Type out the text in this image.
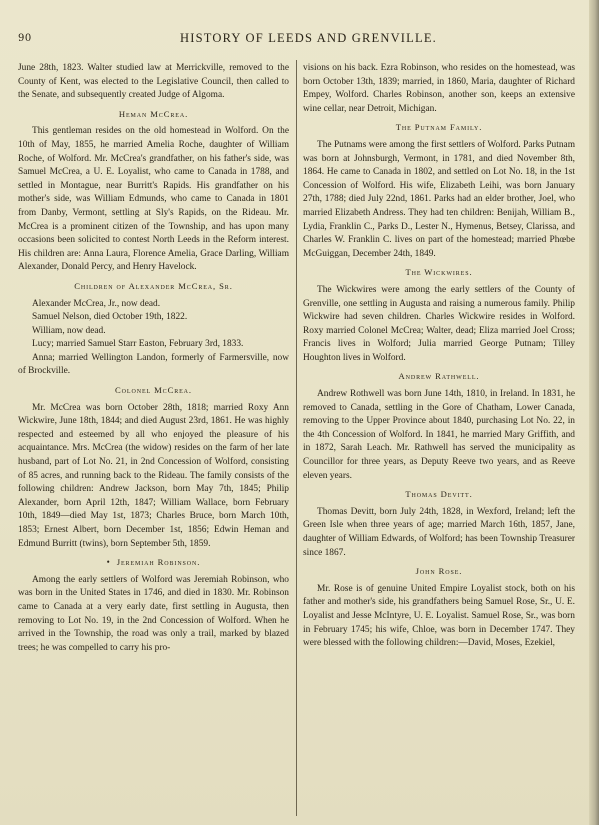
90	HISTORY OF LEEDS AND GRENVILLE.

June 28th, 1823. Walter studied law at Merrickville, removed to the County of Kent, was elected to the Legislative Council, then called to the Senate, and subsequently created Judge of Algoma.

Heman McCrea.

This gentleman resides on the old homestead in Wolford. On the 10th of May, 1855, he married Amelia Roche, daughter of William Roche, of Wolford. Mr. McCrea's grandfather, on his father's side, was Samuel McCrea, a U. E. Loyalist, who came to Canada in 1788, and settled in Montague, near Burritt's Rapids. His grandfather on his mother's side, was William Edmunds, who came to Canada in 1801 from Danby, Vermont, settling at Sly's Rapids, on the Rideau. Mr. McCrea is a prominent citizen of the Township, and has upon many occasions been solicited to contest North Leeds in the Reform interest. His children are: Anna Laura, Florence Amelia, Grace Darling, William Alexander, Donald Percy, and Henry Havelock.

Children of Alexander McCrea, Sr.

Alexander McCrea, Jr., now dead.

Samuel Nelson, died October 19th, 1822.

William, now dead.

Lucy; married Samuel Starr Easton, February 3rd, 1833.

Anna; married Wellington Landon, formerly of Farmersville, now of Brockville.

Colonel McCrea.

Mr. McCrea was born October 28th, 1818; married Roxy Ann Wickwire, June 18th, 1844; and died August 23rd, 1861. He was highly respected and esteemed by all who enjoyed the pleasure of his acquaintance. Mrs. McCrea (the widow) resides on the farm of her late husband, part of Lot No. 21, in 2nd Concession of Wolford, consisting of 85 acres, and running back to the Rideau. The family consists of the following children: Andrew Jackson, born May 7th, 1845; Philip Alexander, born April 12th, 1847; William Wallace, born February 10th, 1849—died May 1st, 1873; Charles Bruce, born March 10th, 1853; Ernest Albert, born December 1st, 1856; Edwin Heman and Edmund Burritt (twins), born September 5th, 1859.

• Jeremiah Robinson.

Among the early settlers of Wolford was Jeremiah Robinson, who was born in the United States in 1746, and died in 1830. Mr. Robinson came to Canada at a very early date, first settling in Augusta, then removing to Lot No. 19, in the 2nd Concession of Wolford. When he arrived in the Township, the road was only a trail, marked by blazed trees; he was compelled to carry his pro-

visions on his back. Ezra Robinson, who resides on the homestead, was born October 13th, 1839; married, in 1860, Maria, daughter of Richard Empey, Wolford. Charles Robinson, another son, keeps an extensive wine cellar, near Detroit, Michigan.

The Putnam Family.

The Putnams were among the first settlers of Wolford. Parks Putnam was born at Johnsburgh, Vermont, in 1781, and died November 8th, 1864. He came to Canada in 1802, and settled on Lot No. 18, in the 1st Concession of Wolford. His wife, Elizabeth Leihi, was born January 27th, 1788; died July 22nd, 1861. Parks had an elder brother, Joel, who married Elizabeth Andress. They had ten children: Benijah, William B., Lydia, Franklin C., Parks D., Lester N., Hymenus, Betsey, Clarissa, and Charles W. Franklin C. lives on part of the homestead; married Phœbe McGuiggan, December 24th, 1849.

The Wickwires.

The Wickwires were among the early settlers of the County of Grenville, one settling in Augusta and raising a numerous family. Philip Wickwire had seven children. Charles Wickwire resides in Wolford. Roxy married Colonel McCrea; Walter, dead; Eliza married Joel Cross; Francis lives in Wolford; Julia married George Putnam; Tilley Houghton lives in Wolford.

Andrew Rathwell.

Andrew Rothwell was born June 14th, 1810, in Ireland. In 1831, he removed to Canada, settling in the Gore of Chatham, Lower Canada, removing to the Upper Province about 1840, purchasing Lot No. 22, in the 4th Concession of Wolford. In 1841, he married Mary Griffith, and in 1872, Sarah Leach. Mr. Rathwell has served the municipality as Councillor for three years, as Deputy Reeve two years, and as Reeve eleven years.

Thomas Devitt.

Thomas Devitt, born July 24th, 1828, in Wexford, Ireland; left the Green Isle when three years of age; married March 16th, 1857, Jane, daughter of William Edwards, of Wolford; has been Township Treasurer since 1867.

John Rose.

Mr. Rose is of genuine United Empire Loyalist stock, both on his father and mother's side, his grandfathers being Samuel Rose, Sr., U. E. Loyalist and Jesse McIntyre, U. E. Loyalist. Samuel Rose, Sr., was born in February 1745; his wife, Chloe, was born in December 1747. They were blessed with the following children:—David, Moses, Ezekiel,
